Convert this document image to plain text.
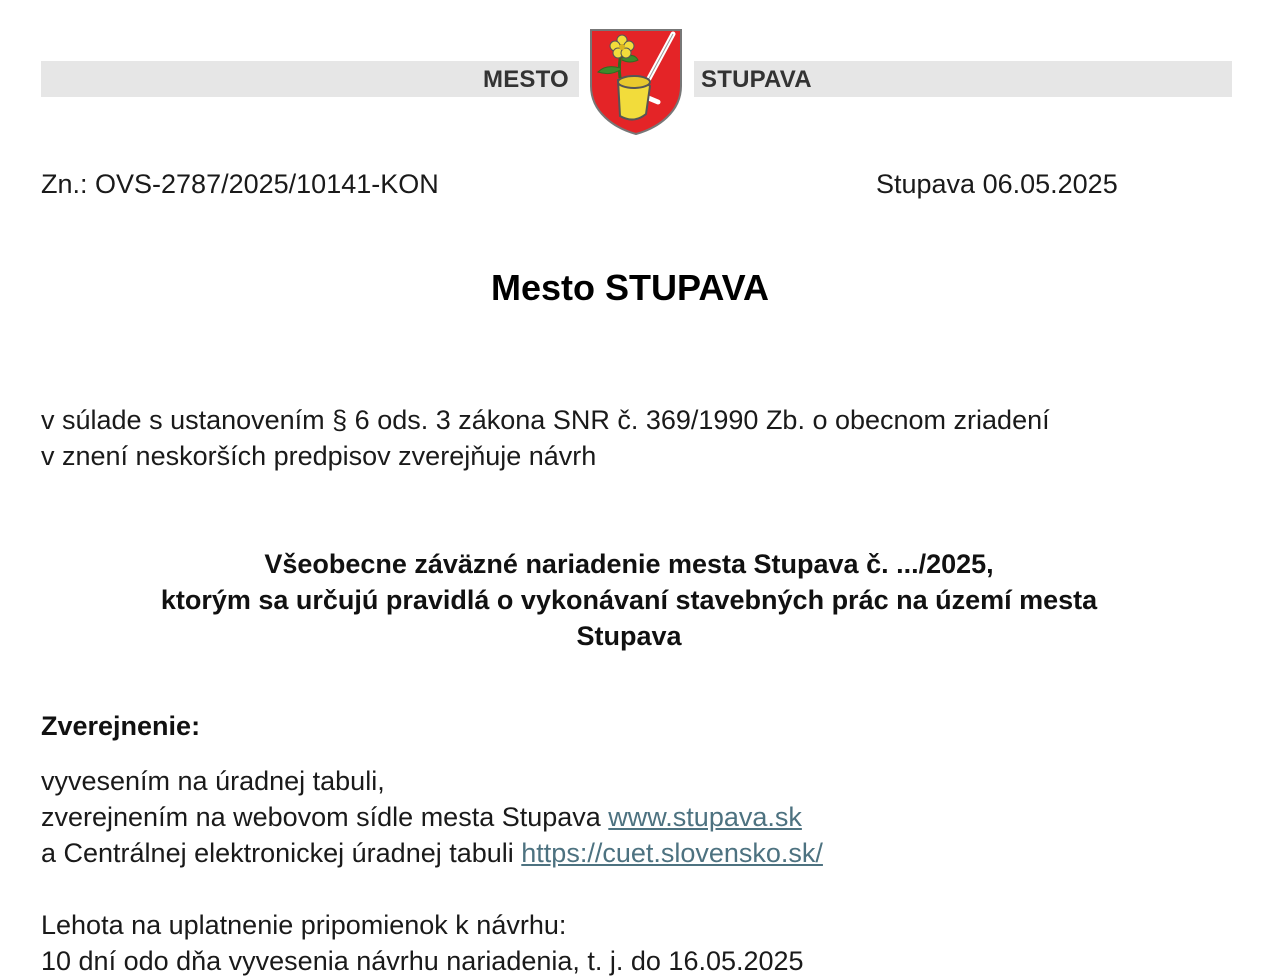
MESTO	STUPAVA
Zn.: OVS-2787/2025/10141-KON	Stupava 06.05.2025
Mesto STUPAVA
v súlade s ustanovením § 6 ods. 3 zákona SNR č. 369/1990 Zb. o obecnom zriadení
v znení neskorších predpisov zverejňuje návrh
Všeobecne záväzné nariadenie mesta Stupava č. .../2025,
ktorým sa určujú pravidlá o vykonávaní stavebných prác na území mesta
Stupava
Zverejnenie:
vyvesením na úradnej tabuli,
zverejnením na webovom sídle mesta Stupava www.stupava.sk
a Centrálnej elektronickej úradnej tabuli https://cuet.slovensko.sk/
Lehota na uplatnenie pripomienok k návrhu:
10 dní odo dňa vyvesenia návrhu nariadenia, t. j. do 16.05.2025
